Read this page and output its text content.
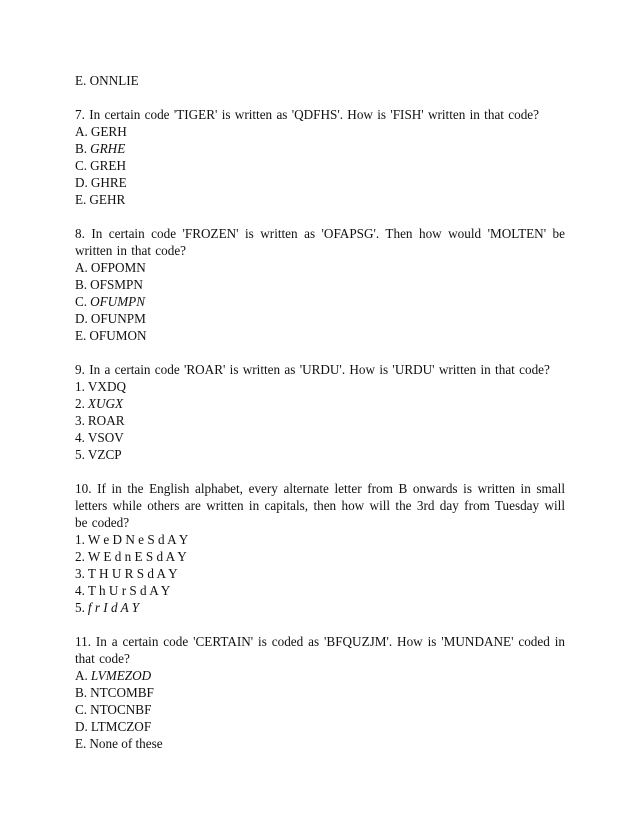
E. ONNLIE

7. In certain code 'TIGER' is written as 'QDFHS'. How is 'FISH' written in that code?

A. GERH

B. GRHE

C. GREH

D. GHRE

E. GEHR

8. In certain code 'FROZEN' is written as 'OFAPSG'. Then how would 'MOLTEN' be written in that code?

A. OFPOMN

B. OFSMPN

C. OFUMPN

D. OFUNPM

E. OFUMON

9. In a certain code 'ROAR' is written as 'URDU'. How is 'URDU' written in that code?

1. VXDQ

2. XUGX

3. ROAR

4. VSOV

5. VZCP

10. If in the English alphabet, every alternate letter from B onwards is written in small letters while others are written in capitals, then how will the 3rd day from Tuesday will be coded?

1. W e D N e S d A Y

2. W E d n E S d A Y

3. T H U R S d A Y

4. T h U r S d A Y

5. f r I d A Y

11. In a certain code 'CERTAIN' is coded as 'BFQUZJM'. How is 'MUNDANE' coded in that code?

A. LVMEZOD

B. NTCOMBF

C. NTOCNBF

D. LTMCZOF

E. None of these
